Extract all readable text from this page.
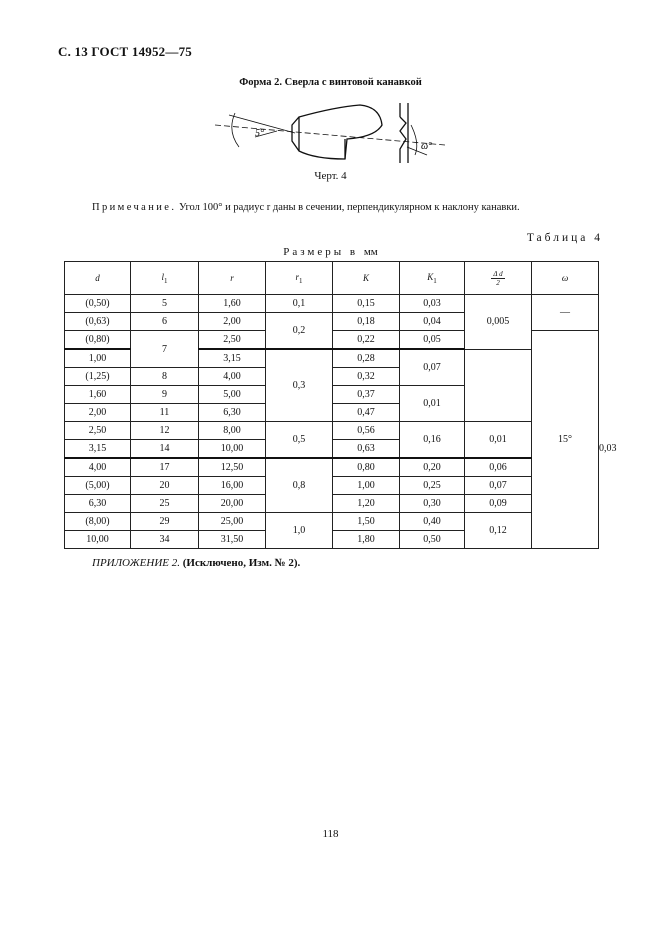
С. 13 ГОСТ 14952—75
Форма 2. Сверла с винтовой канавкой
5°
ω°
Черт. 4
Примечание. Угол 100° и радиус r даны в сечении, перпендикулярном к наклону канавки.
Таблица 4
Размеры в мм
d	$l_1$	r	$r_1$	K	$K_1$	$\frac{\text{Δ d}}{2}$	ω	
(0,50)	5	1,60	0,1	0,15	0,03	0,005	—	
(0,63)	6	2,00	0,2	0,18	0,04			
(0,80)	7	2,50		0,22	0,05		15°	
1,00		3,15	0,3	0,28	0,07			
(1,25)	8	4,00		0,32				
1,60	9	5,00		0,37	0,01			
2,00	11	6,30		0,47				
2,50	12	8,00	0,5	0,56	0,16	0,01		
3,15	14	10,00		0,63				0,03
4,00	17	12,50	0,8	0,80	0,20	0,06		
(5,00)	20	16,00		1,00	0,25	0,07		
6,30	25	20,00		1,20	0,30	0,09		
(8,00)	29	25,00	1,0	1,50	0,40	0,12		
10,00	34	31,50		1,80	0,50			
ПРИЛОЖЕНИЕ 2. (Исключено, Изм. № 2).
118
